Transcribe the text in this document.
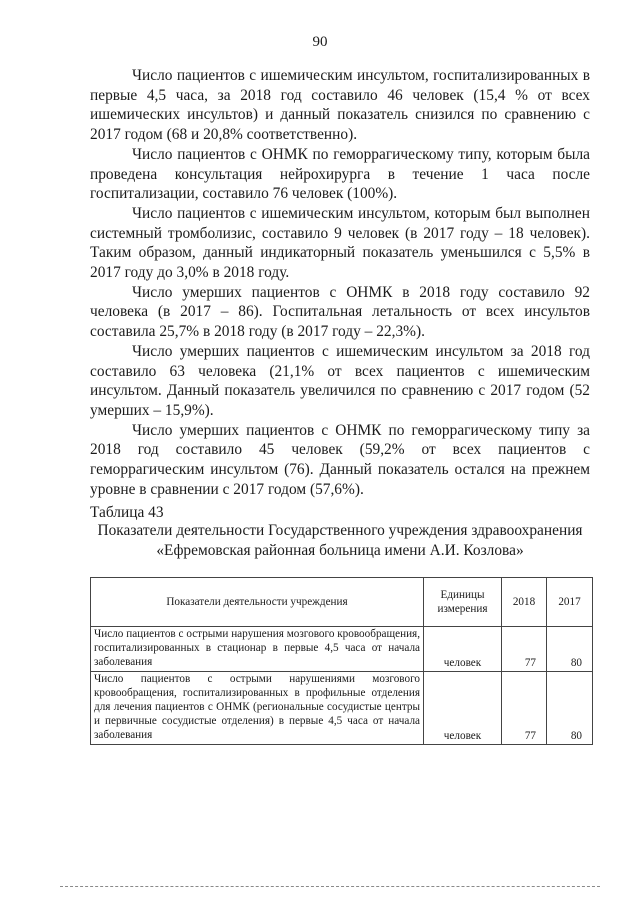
90

Число пациентов с ишемическим инсультом, госпитализированных в первые 4,5 часа, за 2018 год составило 46 человек (15,4 % от всех ишемических инсультов) и данный показатель снизился по сравнению с 2017 годом (68 и 20,8% соответственно).

Число пациентов с ОНМК по геморрагическому типу, которым была проведена консультация нейрохирурга в течение 1 часа после госпитализации, составило 76 человек (100%).

Число пациентов с ишемическим инсультом, которым был выполнен системный тромболизис, составило 9 человек (в 2017 году – 18 человек). Таким образом, данный индикаторный показатель уменьшился с 5,5% в 2017 году до 3,0% в 2018 году.

Число умерших пациентов с ОНМК в 2018 году составило 92 человека (в 2017 – 86). Госпитальная летальность от всех инсультов составила 25,7% в 2018 году (в 2017 году – 22,3%).

Число умерших пациентов с ишемическим инсультом за 2018 год составило 63 человека (21,1% от всех пациентов с ишемическим инсультом. Данный показатель увеличился по сравнению с 2017 годом (52 умерших – 15,9%).

Число умерших пациентов с ОНМК по геморрагическому типу за 2018 год составило 45 человек (59,2% от всех пациентов с геморрагическим инсультом (76). Данный показатель остался на прежнем уровне в сравнении с 2017 годом (57,6%).

Таблица 43

Показатели деятельности Государственного учреждения здравоохранения
«Ефремовская районная больница имени А.И. Козлова»
Показатели деятельности учреждения	Единицы измерения	2018	2017
Число пациентов с острыми нарушения мозгового кровообращения, госпитализированных в стационар в первые 4,5 часа от начала заболевания	человек	77	80
Число пациентов с острыми нарушениями мозгового кровообращения, госпитализированных в профильные отделения для лечения пациентов с ОНМК (региональные сосудистые центры и первичные сосудистые отделения) в первые 4,5 часа от начала заболевания	человек	77	80
